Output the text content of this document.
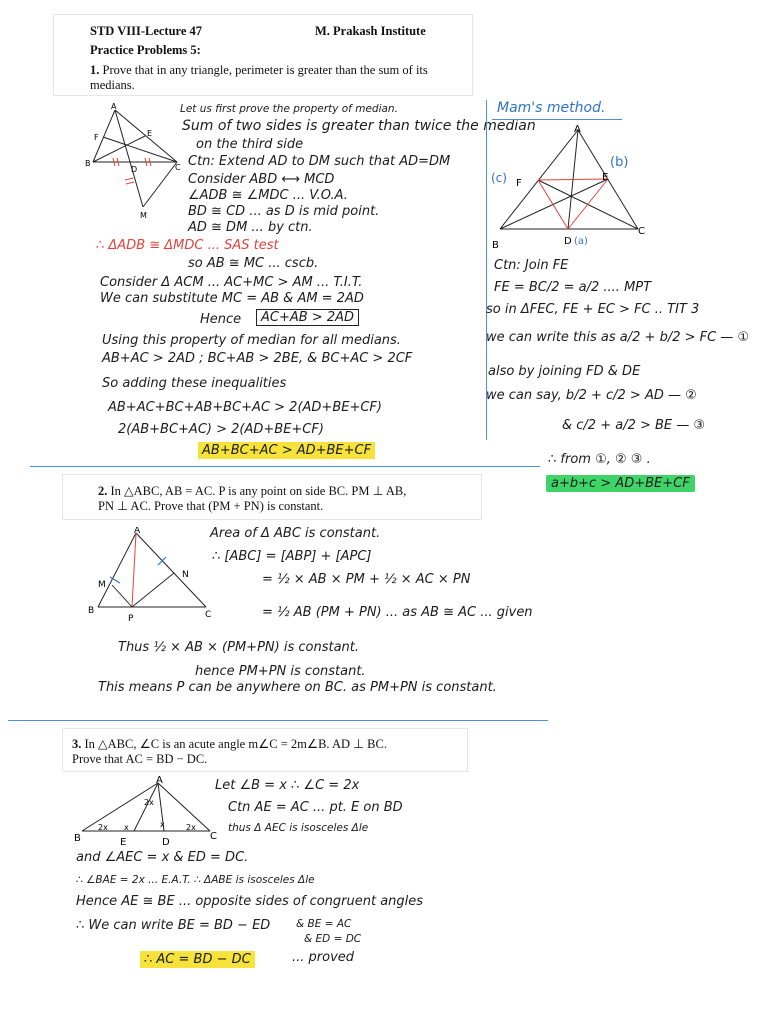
STD VIII-Lecture 47	M. Prakash Institute
Practice Problems 5:
1. Prove that in any triangle, perimeter is greater than the sum of its medians.
A
F	E
B
D	C
M
Let us first prove the property of median.
Sum of two sides is greater than twice the median
on the third side
Ctn: Extend AD to DM such that AD=DM
Consider ABD ⟷ MCD
∠ADB ≅ ∠MDC ... V.O.A.
BD ≅ CD ... as D is mid point.
AD ≅ DM ... by ctn.
∴ ΔADB ≅ ΔMDC ... SAS test
so AB ≅ MC ... cscb.
Consider Δ ACM ... AC+MC > AM ... T.I.T.
We can substitute MC = AB & AM = 2AD
Hence	AC+AB > 2AD
Using this property of median for all medians.
AB+AC > 2AD ; BC+AB > 2BE, & BC+AC > 2CF
So adding these inequalities
AB+AC+BC+AB+BC+AC > 2(AD+BE+CF)
2(AB+BC+AC) > 2(AD+BE+CF)
AB+BC+AC > AD+BE+CF
Mam's method.
A
F
(c)	E
(b)
B	D (a)
C
Ctn: Join FE
FE = BC/2 = a/2 .... MPT
so in ΔFEC, FE + EC > FC .. TIT 3
we can write this as a/2 + b/2 > FC — ①
also by joining FD & DE
we can say, b/2 + c/2 > AD — ②
& c/2 + a/2 > BE — ③
∴ from ①, ② ③ .
a+b+c > AD+BE+CF
2. In △ABC, AB = AC. P is any point on side BC. PM ⊥ AB,
PN ⊥ AC. Prove that (PM + PN) is constant.
A
M
N
B
P	C
Area of Δ ABC is constant.
∴ [ABC] = [ABP] + [APC]
= ½ × AB × PM + ½ × AC × PN
= ½ AB (PM + PN) ... as AB ≅ AC ... given
Thus ½ × AB × (PM+PN) is constant.
hence PM+PN is constant.
This means P can be anywhere on BC. as PM+PN is constant.
3. In △ABC, ∠C is an acute angle m∠C = 2m∠B. AD ⊥ BC.
Prove that AC = BD − DC.
A
B	E	D
C
2x x	2x
2x
x
Let ∠B = x ∴ ∠C = 2x
Ctn AE = AC ... pt. E on BD
thus Δ AEC is isosceles Δle
and ∠AEC = x & ED = DC.
∴ ∠BAE = 2x ... E.A.T. ∴ ΔABE is isosceles Δle
Hence AE ≅ BE ... opposite sides of congruent angles
∴ We can write BE = BD − ED & BE = AC
& ED = DC
∴ AC = BD − DC	... proved
